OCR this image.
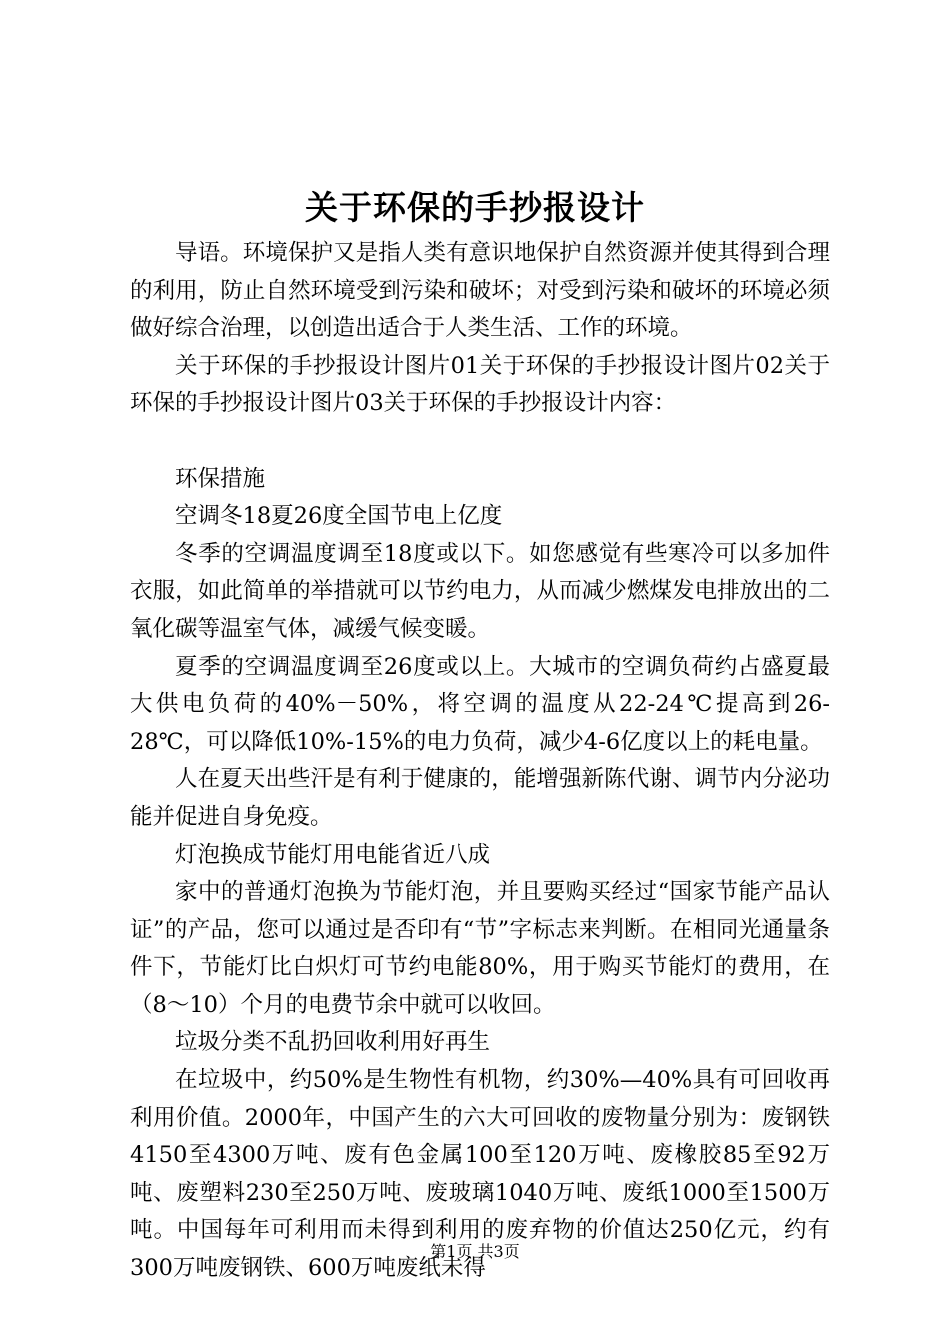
关于环保的手抄报设计

导语。环境保护又是指人类有意识地保护自然资源并使其得到合理的利用，防止自然环境受到污染和破坏；对受到污染和破坏的环境必须做好综合治理，以创造出适合于人类生活、工作的环境。

关于环保的手抄报设计图片01关于环保的手抄报设计图片02关于环保的手抄报设计图片03关于环保的手抄报设计内容：

环保措施

空调冬18夏26度全国节电上亿度

冬季的空调温度调至18度或以下。如您感觉有些寒冷可以多加件衣服，如此简单的举措就可以节约电力，从而减少燃煤发电排放出的二氧化碳等温室气体，减缓气候变暖。

夏季的空调温度调至26度或以上。大城市的空调负荷约占盛夏最大供电负荷的40%－50%，将空调的温度从22-24℃提高到26-28℃，可以降低10%-15%的电力负荷，减少4-6亿度以上的耗电量。

人在夏天出些汗是有利于健康的，能增强新陈代谢、调节内分泌功能并促进自身免疫。

灯泡换成节能灯用电能省近八成

家中的普通灯泡换为节能灯泡，并且要购买经过“国家节能产品认证”的产品，您可以通过是否印有“节”字标志来判断。在相同光通量条件下，节能灯比白炽灯可节约电能80%，用于购买节能灯的费用，在（8～10）个月的电费节余中就可以收回。

垃圾分类不乱扔回收利用好再生

在垃圾中，约50%是生物性有机物，约30%—40%具有可回收再利用价值。2000年，中国产生的六大可回收的废物量分别为：废钢铁4150至4300万吨、废有色金属100至120万吨、废橡胶85至92万吨、废塑料230至250万吨、废玻璃1040万吨、废纸1000至1500万吨。中国每年可利用而未得到利用的废弃物的价值达250亿元，约有300万吨废钢铁、600万吨废纸未得

第1页 共3页
